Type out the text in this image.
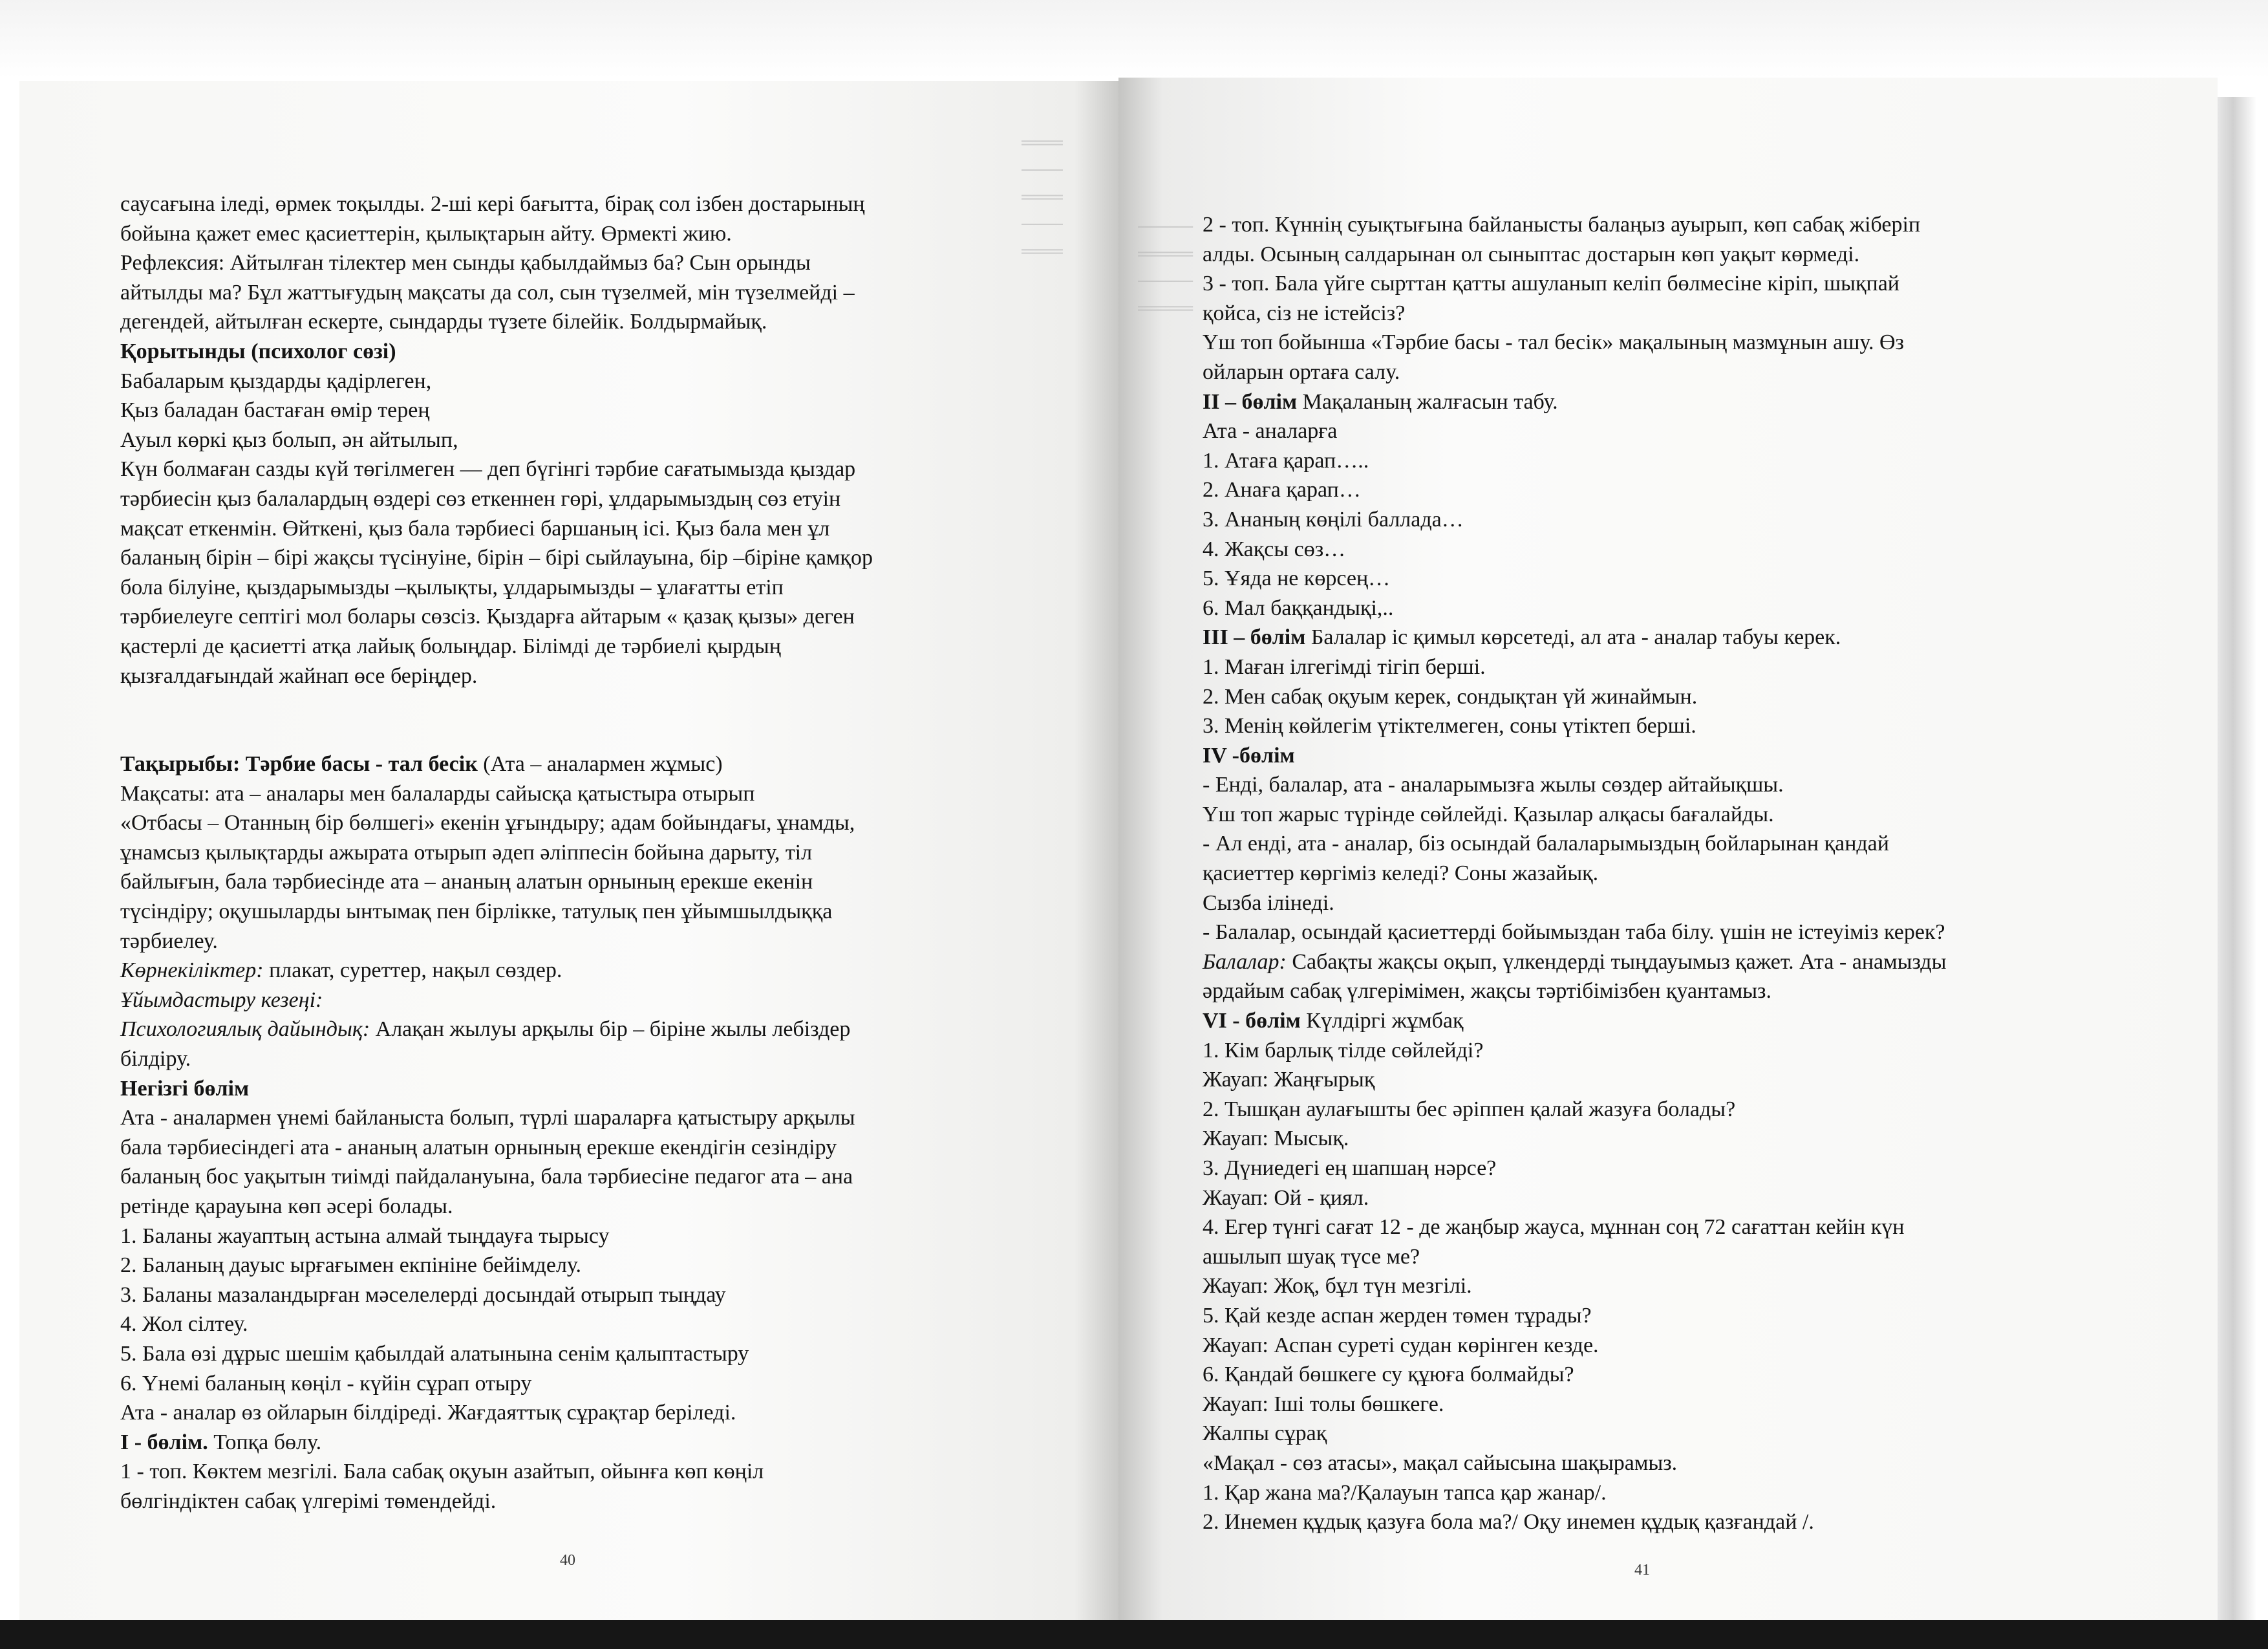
═══
───
═══
───
═══
────
════
────
════
саусағына іледі, өрмек тоқылды. 2-ші кері бағытта, бірақ сол ізбен достарының
бойына қажет емес қасиеттерін, қылықтарын айту. Өрмекті жию.
Рефлексия: Айтылған тілектер мен сынды қабылдаймыз ба? Сын орынды
айтылды ма? Бұл жаттығудың мақсаты да сол, сын түзелмей, мін түзелмейді –
дегендей, айтылған ескерте, сындарды түзете білейік. Болдырмайық.
Қорытынды (психолог сөзі)
Бабаларым қыздарды қадірлеген,
Қыз баладан бастаған өмір терең
Ауыл көркі қыз болып, əн айтылып,
Күн болмаған сазды күй төгілмеген — деп бүгінгі тəрбие сағатымызда қыздар
тəрбиесін қыз балалардың өздері сөз еткеннен гөрі, ұлдарымыздың сөз етуін
мақсат еткенмін. Өйткені, қыз бала тəрбиесі баршаның ісі. Қыз бала мен ұл
баланың бірін – бірі жақсы түсінуіне, бірін – бірі сыйлауына, бір –біріне қамқор
бола білуіне, қыздарымызды –қылықты, ұлдарымызды – ұлағатты етіп
тəрбиелеуге септігі мол болары сөзсіз. Қыздарға айтарым « қазақ қызы» деген
қастерлі де қасиетті атқа лайық болыңдар. Білімді де тəрбиелі қырдың
қызғалдағындай жайнап өсе беріңдер.
Тақырыбы: Тəрбие басы - тал бесік (Ата – аналармен жұмыс)
Мақсаты: ата – аналары мен балаларды сайысқа қатыстыра отырып
«Отбасы – Отанның бір бөлшегі» екенін ұғындыру; адам бойындағы, ұнамды,
ұнамсыз қылықтарды ажырата отырып əдеп əліппесін бойына дарыту, тіл
байлығын, бала тəрбиесінде ата – ананың алатын орнының ерекше екенін
түсіндіру; оқушыларды ынтымақ пен бірлікке, татулық пен ұйымшылдыққа
тəрбиелеу.
Көрнекіліктер: плакат, суреттер, нақыл сөздер.
Ұйымдастыру кезеңі:
Психологиялық дайындық: Алақан жылуы арқылы бір – біріне жылы лебіздер
білдіру.
Негізгі бөлім
Ата - аналармен үнемі байланыста болып, түрлі шараларға қатыстыру арқылы
бала тəрбиесіндегі ата - ананың алатын орнының ерекше екендігін сезіндіру
баланың бос уақытын тиімді пайдалануына, бала тəрбиесіне педагог ата – ана
ретінде қарауына көп əсері болады.
1. Баланы жауаптың астына алмай тыңдауға тырысу
2. Баланың дауыс ырғағымен екпініне бейімделу.
3. Баланы мазаландырған мəселелерді досындай отырып тыңдау
4. Жол сілтеу.
5. Бала өзі дұрыс шешім қабылдай алатынына сенім қалыптастыру
6. Үнемі баланың көңіл - күйін сұрап отыру
Ата - аналар өз ойларын білдіреді. Жағдаяттық сұрақтар беріледі.
І - бөлім. Топқа бөлу.
1 - топ. Көктем мезгілі. Бала сабақ оқуын азайтып, ойынға көп көңіл
бөлгіндіктен сабақ үлгерімі төмендейді.
40
2 - топ. Күннің суықтығына байланысты балаңыз ауырып, көп сабақ жіберіп
алды. Осының салдарынан ол сыныптас достарын көп уақыт көрмеді.
3 - топ. Бала үйге сырттан қатты ашуланып келіп бөлмесіне кіріп, шықпай
қойса, сіз не істейсіз?
Үш топ бойынша «Тəрбие басы - тал бесік» мақалының мазмұнын ашу. Өз
ойларын ортаға салу.
ІІ – бөлім Мақаланың жалғасын табу.
Ата - аналарға
1. Атаға қарап…..
2. Анаға қарап…
3. Ананың көңілі баллада…
4. Жақсы сөз…
5. Ұяда не көрсең…
6. Мал баққандықі,..
ІІІ – бөлім Балалар іс қимыл көрсетеді, ал ата - аналар табуы керек.
1. Маған ілгегімді тігіп берші.
2. Мен сабақ оқуым керек, сондықтан үй жинаймын.
3. Менің көйлегім үтіктелмеген, соны үтіктеп берші.
IV -бөлім
- Енді, балалар, ата - аналарымызға жылы сөздер айтайықшы.
Үш топ жарыс түрінде сөйлейді. Қазылар алқасы бағалайды.
- Ал енді, ата - аналар, біз осындай балаларымыздың бойларынан қандай
қасиеттер көргіміз келеді? Соны жазайық.
Сызба ілінеді.
- Балалар, осындай қасиеттерді бойымыздан таба білу. үшін не істеуіміз керек?
Балалар: Сабақты жақсы оқып, үлкендерді тыңдауымыз қажет. Ата - анамызды
əрдайым сабақ үлгерімімен, жақсы тəртібімізбен қуантамыз.
VІ - бөлім Күлдіргі жұмбақ
1. Кім барлық тілде сөйлейді?
Жауап: Жаңғырық
2. Тышқан аулағышты бес əріппен қалай жазуға болады?
Жауап: Мысық.
3. Дүниедегі ең шапшаң нəрсе?
Жауап: Ой - қиял.
4. Егер түнгі сағат 12 - де жаңбыр жауса, мұннан соң 72 сағаттан кейін күн
ашылып шуақ түсе ме?
Жауап: Жоқ, бұл түн мезгілі.
5. Қай кезде аспан жерден төмен тұрады?
Жауап: Аспан суреті судан көрінген кезде.
6. Қандай бөшкеге су құюға болмайды?
Жауап: Іші толы бөшкеге.
Жалпы сұрақ
«Мақал - сөз атасы», мақал сайысына шақырамыз.
1. Қар жана ма?/Қалауын тапса қар жанар/.
2. Инемен құдық қазуға бола ма?/ Оқу инемен құдық қазғандай /.
41
